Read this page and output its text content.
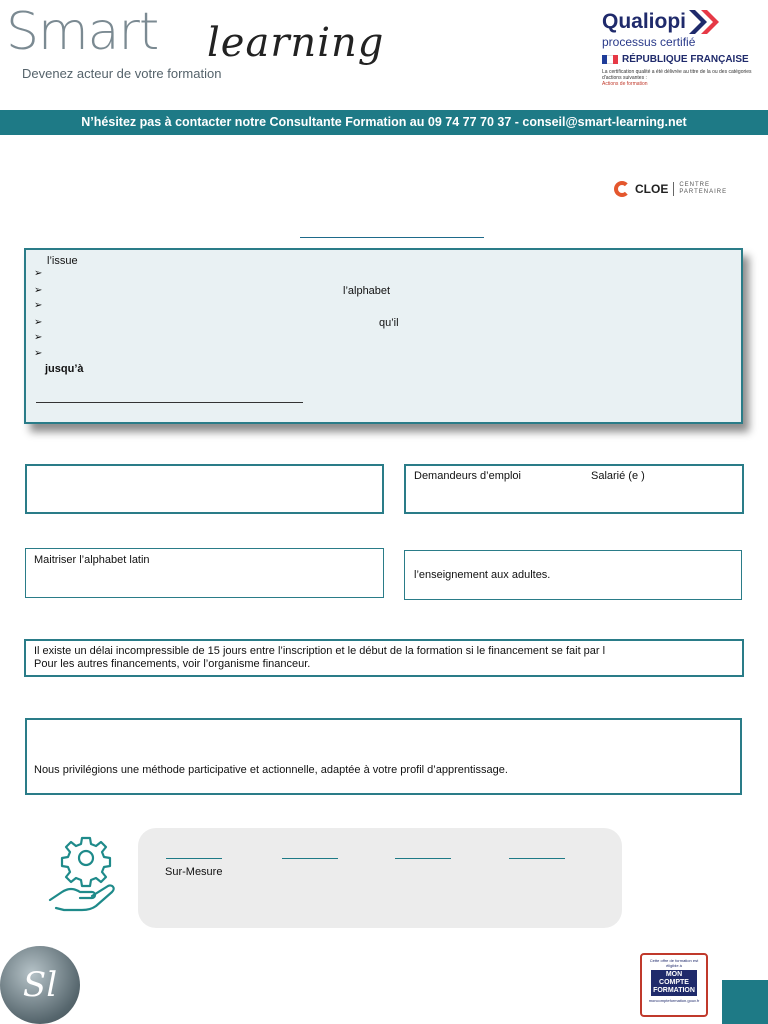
Smart learning
Devenez acteur de votre formation
Qualiopi
processus certifié
RÉPUBLIQUE FRANÇAISE
La certification qualité a été délivrée au titre de la ou des catégories d'actions suivantes :
Actions de formation
N’hésitez pas à contacter notre Consultante Formation au 09 74 77 70 37 - conseil@smart-learning.net
CLOE CENTRE
PARTENAIRE
l’issue
➢
➢	l’alphabet
➢
➢	qu’il
➢
➢
jusqu’à
Demandeurs d’emploi	Salarié (e )
Maitriser l’alphabet latin
l’enseignement aux adultes.
Il existe un délai incompressible de 15 jours entre l’inscription et le début de la formation si le financement se fait par l
Pour les autres financements, voir l’organisme financeur.
Nous privilégions une méthode participative et actionnelle, adaptée à votre profil d’apprentissage.
Sur-Mesure
Sl
Cette offre de formation est éligible à
MON
COMPTE
FORMATION
moncompteformation.gouv.fr
